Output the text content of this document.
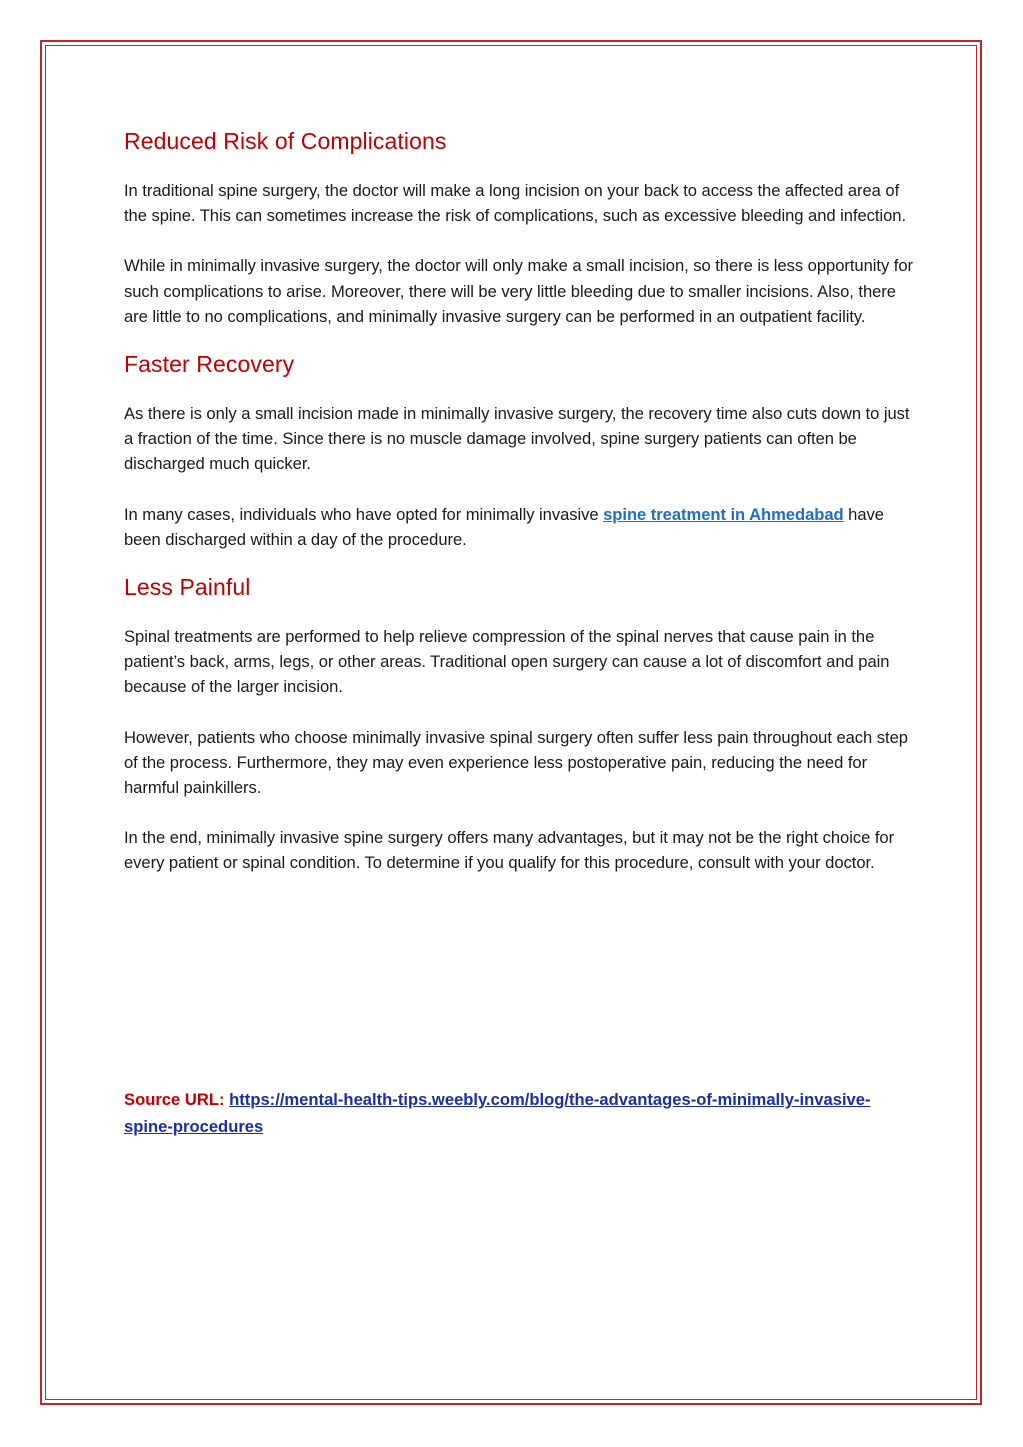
Reduced Risk of Complications

In traditional spine surgery, the doctor will make a long incision on your back to access the affected area of the spine. This can sometimes increase the risk of complications, such as excessive bleeding and infection.

While in minimally invasive surgery, the doctor will only make a small incision, so there is less opportunity for such complications to arise. Moreover, there will be very little bleeding due to smaller incisions. Also, there are little to no complications, and minimally invasive surgery can be performed in an outpatient facility.

Faster Recovery

As there is only a small incision made in minimally invasive surgery, the recovery time also cuts down to just a fraction of the time. Since there is no muscle damage involved, spine surgery patients can often be discharged much quicker.

In many cases, individuals who have opted for minimally invasive spine treatment in Ahmedabad have been discharged within a day of the procedure.

Less Painful

Spinal treatments are performed to help relieve compression of the spinal nerves that cause pain in the patient’s back, arms, legs, or other areas. Traditional open surgery can cause a lot of discomfort and pain because of the larger incision.

However, patients who choose minimally invasive spinal surgery often suffer less pain throughout each step of the process. Furthermore, they may even experience less postoperative pain, reducing the need for harmful painkillers.

In the end, minimally invasive spine surgery offers many advantages, but it may not be the right choice for every patient or spinal condition. To determine if you qualify for this procedure, consult with your doctor.

Source URL: https://mental-health-tips.weebly.com/blog/the-advantages-of-minimally-invasive-spine-procedures
